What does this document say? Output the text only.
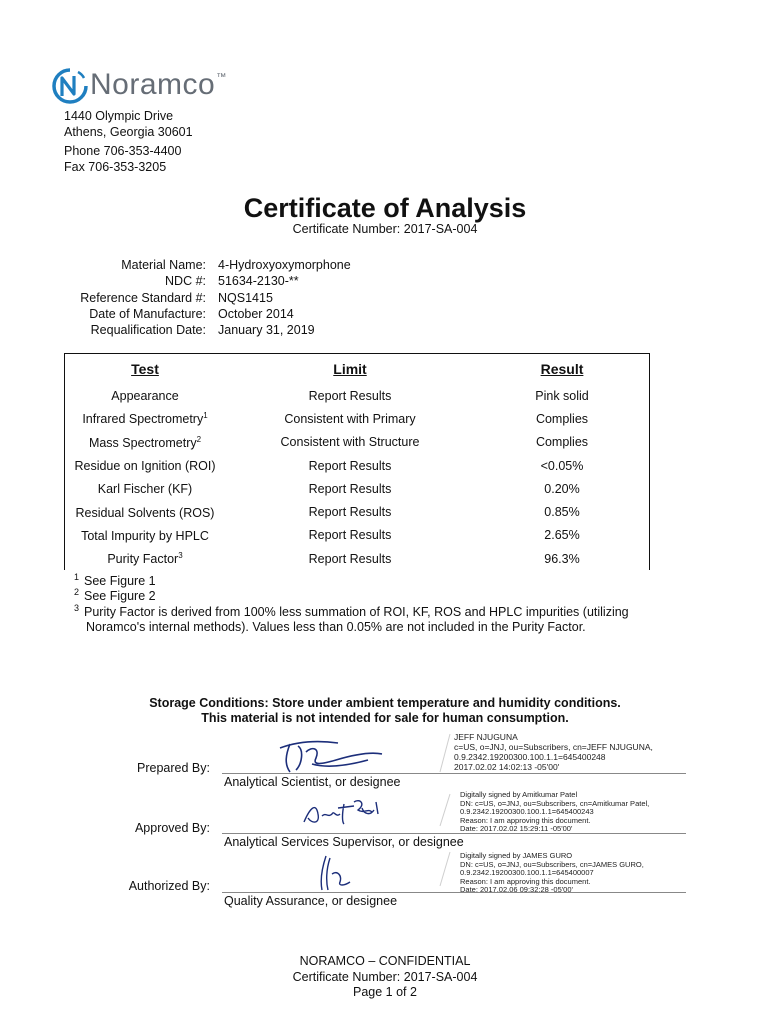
Noramco™
1440 Olympic Drive
Athens, Georgia 30601
Phone 706-353-4400
Fax 706-353-3205
Certificate of Analysis
Certificate Number: 2017-SA-004
Material Name: 4-Hydroxyoxymorphone
NDC #: 51634-2130-**
Reference Standard #: NQS1415
Date of Manufacture: October 2014
Requalification Date: January 31, 2019
Test	Limit	Result
Appearance	Report Results	Pink solid
Infrared Spectrometry$^1$	Consistent with Primary	Complies
Mass Spectrometry$^2$	Consistent with Structure	Complies
Residue on Ignition (ROI)	Report Results	<0.05%
Karl Fischer (KF)	Report Results	0.20%
Residual Solvents (ROS)	Report Results	0.85%
Total Impurity by HPLC	Report Results	2.65%
Purity Factor$^3$	Report Results	96.3%
1 See Figure 1
2 See Figure 2
3 Purity Factor is derived from 100% less summation of ROI, KF, ROS and HPLC impurities (utilizing
Noramco's internal methods). Values less than 0.05% are not included in the Purity Factor.
Storage Conditions: Store under ambient temperature and humidity conditions.
This material is not intended for sale for human consumption.
JEFF NJUGUNA
c=US, o=JNJ, ou=Subscribers, cn=JEFF NJUGUNA,
0.9.2342.19200300.100.1.1=645400248
2017.02.02 14:02:13 -05'00'
Prepared By:
Analytical Scientist, or designee
Digitally signed by Amitkumar Patel
DN: c=US, o=JNJ, ou=Subscribers, cn=Amitkumar Patel,
0.9.2342.19200300.100.1.1=645400243
Reason: I am approving this document.
Date: 2017.02.02 15:29:11 -05'00'
Approved By:
Analytical Services Supervisor, or designee
Digitally signed by JAMES GURO
DN: c=US, o=JNJ, ou=Subscribers, cn=JAMES GURO,
0.9.2342.19200300.100.1.1=645400007
Reason: I am approving this document.
Date: 2017.02.06 09:32:28 -05'00'
Authorized By:
Quality Assurance, or designee
NORAMCO – CONFIDENTIAL
Certificate Number: 2017-SA-004
Page 1 of 2
